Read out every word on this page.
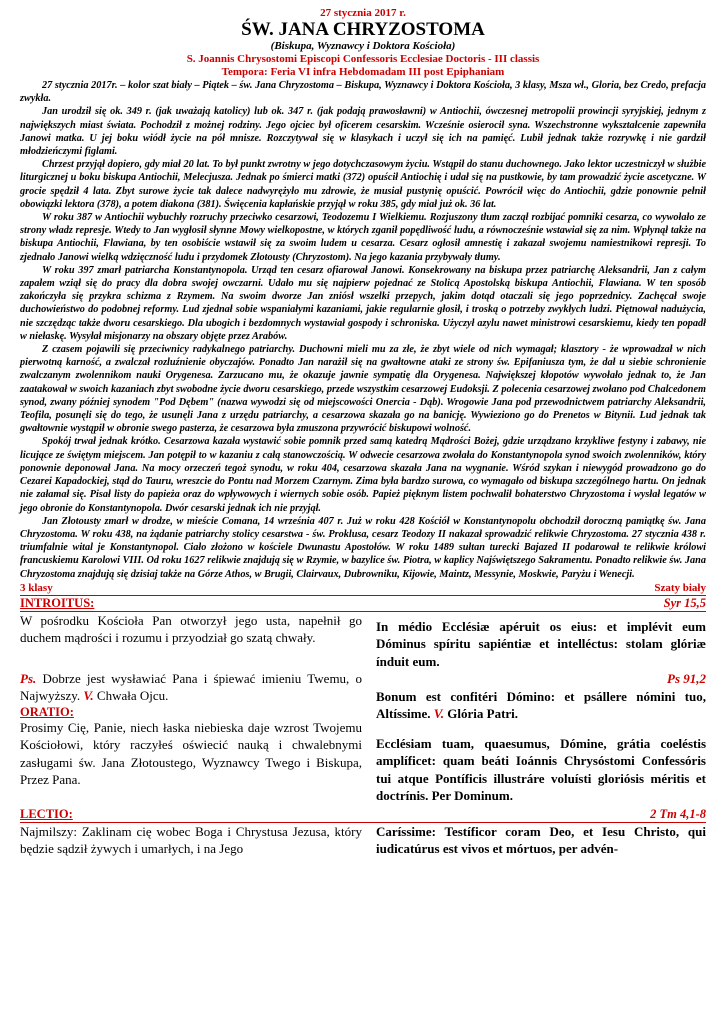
27 stycznia 2017 r.
ŚW. JANA CHRYZOSTOMA
(Biskupa, Wyznawcy i Doktora Kościoła)
S. Joannis Chrysostomi Episcopi Confessoris Ecclesiae Doctoris - III classis
Tempora: Feria VI infra Hebdomadam III post Epiphaniam

27 stycznia 2017r. – kolor szat biały – Piątek – św. Jana Chryzostoma – Biskupa, Wyznawcy i Doktora Kościoła, 3 klasy, Msza wł., Gloria, bez Credo, prefacja zwykła.

Jan urodził się ok. 349 r. (jak uważają katolicy) lub ok. 347 r. (jak podają prawosławni) w Antiochii, ówczesnej metropolii prowincji syryjskiej, jednym z największych miast świata. Pochodził z możnej rodziny. Jego ojciec był oficerem cesarskim. Wcześnie osierocił syna. Wszechstronne wykształcenie zapewniła Janowi matka. U jej boku wiódł życie na pół mnisze. Rozczytywał się w klasykach i uczył się ich na pamięć. Lubił jednak także rozrywkę i nie gardził młodzieńczymi figlami.

Chrzest przyjął dopiero, gdy miał 20 lat. To był punkt zwrotny w jego dotychczasowym życiu. Wstąpił do stanu duchownego. Jako lektor uczestniczył w służbie liturgicznej u boku biskupa Antiochii, Melecjusza. Jednak po śmierci matki (372) opuścił Antiochię i udał się na pustkowie, by tam prowadzić życie ascetyczne. W grocie spędził 4 lata. Zbyt surowe życie tak dalece nadwyrężyło mu zdrowie, że musiał pustynię opuścić. Powrócił więc do Antiochii, gdzie ponownie pełnił obowiązki lektora (378), a potem diakona (381). Święcenia kapłańskie przyjął w roku 385, gdy miał już ok. 36 lat.

W roku 387 w Antiochii wybuchły rozruchy przeciwko cesarzowi, Teodozemu I Wielkiemu. Rozjuszony tłum zaczął rozbijać pomniki cesarza, co wywołało ze strony władz represje. Wtedy to Jan wygłosił słynne Mowy wielkopostne, w których zganił popędliwość ludu, a równocześnie wstawiał się za nim. Wpłynął także na biskupa Antiochii, Flawiana, by ten osobiście wstawił się za swoim ludem u cesarza. Cesarz ogłosił amnestię i zakazał swojemu namiestnikowi represji. To zjednało Janowi wielką wdzięczność ludu i przydomek Złotousty (Chryzostom). Na jego kazania przybywały tłumy.

W roku 397 zmarł patriarcha Konstantynopola. Urząd ten cesarz ofiarował Janowi. Konsekrowany na biskupa przez patriarchę Aleksandrii, Jan z całym zapałem wziął się do pracy dla dobra swojej owczarni. Udało mu się najpierw pojednać ze Stolicą Apostolską biskupa Antiochii, Flawiana. W ten sposób zakończyła się przykra schizma z Rzymem. Na swoim dworze Jan zniósł wszelki przepych, jakim dotąd otaczali się jego poprzednicy. Zachęcał swoje duchowieństwo do podobnej reformy. Lud zjednał sobie wspaniałymi kazaniami, jakie regularnie głosił, i troską o potrzeby zwykłych ludzi. Piętnował nadużycia, nie szczędząc także dworu cesarskiego. Dla ubogich i bezdomnych wystawiał gospody i schroniska. Użyczył azylu nawet ministrowi cesarskiemu, kiedy ten popadł w niełaskę. Wysyłał misjonarzy na obszary objęte przez Arabów.

Z czasem pojawili się przeciwnicy radykalnego patriarchy. Duchowni mieli mu za złe, że zbyt wiele od nich wymagał; klasztory - że wprowadzał w nich pierwotną karność, a zwalczał rozluźnienie obyczajów. Ponadto Jan narażił się na gwałtowne ataki ze strony św. Epifaniusza tym, że dał u siebie schronienie zwalczanym zwolennikom nauki Orygenesa. Zarzucano mu, że okazuje jawnie sympatię dla Orygenesa. Największej kłopotów wywołało jednak to, że Jan zaatakował w swoich kazaniach zbyt swobodne życie dworu cesarskiego, przede wszystkim cesarzowej Eudoksji. Z polecenia cesarzowej zwołano pod Chalcedonem synod, zwany później synodem "Pod Dębem" (nazwa wywodzi się od miejscowości Onercia - Dąb). Wrogowie Jana pod przewodnictwem patriarchy Aleksandrii, Teofila, posunęli się do tego, że usunęli Jana z urzędu patriarchy, a cesarzowa skazała go na banicję. Wywieziono go do Prenetos w Bitynii. Lud jednak tak gwałtownie wystąpił w obronie swego pasterza, że cesarzowa była zmuszona przywrócić biskupowi wolność.

Spokój trwał jednak krótko. Cesarzowa kazała wystawić sobie pomnik przed samą katedrą Mądrości Bożej, gdzie urządzano krzykliwe festyny i zabawy, nie licujące ze świętym miejscem. Jan potępił to w kazaniu z całą stanowczością. W odwecie cesarzowa zwołała do Konstantynopola synod swoich zwolenników, który ponownie deponował Jana. Na mocy orzeczeń tegoż synodu, w roku 404, cesarzowa skazała Jana na wygnanie. Wśród szykan i niewygód prowadzono go do Cezarei Kapadockiej, stąd do Tauru, wreszcie do Pontu nad Morzem Czarnym. Zima była bardzo surowa, co wymagało od biskupa szczególnego hartu. On jednak nie załamał się. Pisał listy do papieża oraz do wpływowych i wiernych sobie osób. Papież pięknym listem pochwalił bohaterstwo Chryzostoma i wysłał legatów w jego obronie do Konstantynopola. Dwór cesarski jednak ich nie przyjął.

Jan Złotousty zmarł w drodze, w mieście Comana, 14 września 407 r. Już w roku 428 Kościół w Konstantynopolu obchodził doroczną pamiątkę św. Jana Chryzostoma. W roku 438, na żądanie patriarchy stolicy cesarstwa - św. Proklusa, cesarz Teodozy II nakazał sprowadzić relikwie Chryzostoma. 27 stycznia 438 r. triumfalnie wital je Konstantynopol. Ciało złożono w kościele Dwunastu Apostołów. W roku 1489 sułtan turecki Bajazed II podarował te relikwie królowi francuskiemu Karolowi VIII. Od roku 1627 relikwie znajdują się w Rzymie, w bazylice św. Piotra, w kaplicy Najświętszego Sakramentu. Ponadto relikwie św. Jana Chryzostoma znajdują się dzisiaj także na Górze Athos, w Brugii, Clairvaux, Dubrowniku, Kijowie, Maintz, Messynie, Moskwie, Paryżu i Wenecji.

3 klasy	Szaty biały
INTROITUS:	Syr 15,5

W pośrodku Kościoła Pan otworzył jego usta, napełnił go duchem mądrości i rozumu i przyodział go szatą chwały.

Ps. Dobrze jest wysławiać Pana i śpiewać imieniu Twemu, o Najwyższy. V. Chwała Ojcu.

ORATIO:

Prosimy Cię, Panie, niech łaska niebieska daje wzrost Twojemu Kościołowi, który raczyłeś oświecić nauką i chwalebnymi zasługami św. Jana Złotoustego, Wyznawcy Twego i Biskupa, Przez Pana.

In médio Ecclésiæ apéruit os eius: et implévit eum Dóminus spíritu sapiéntiæ et intelléctus: stolam glóriæ índuit eum.

Ps 91,2

Bonum est confitéri Dómino: et psállere nómini tuo, Altíssime. V. Glória Patri.

Ecclésiam tuam, quaesumus, Dómine, grátia coeléstis amplíficet: quam beáti Ioánnis Chrysóstomi Confessóris tui atque Pontíficis illustráre voluísti gloriósis méritis et doctrínis. Per Dominum.

LECTIO:	2 Tm 4,1-8

Najmilszy: Zaklinam cię wobec Boga i Chrystusa Jezusa, który będzie sądził żywych i umarłych, i na Jego

Caríssime: Testíficor coram Deo, et Iesu Christo, qui iudicatúrus est vivos et mórtuos, per advén-
